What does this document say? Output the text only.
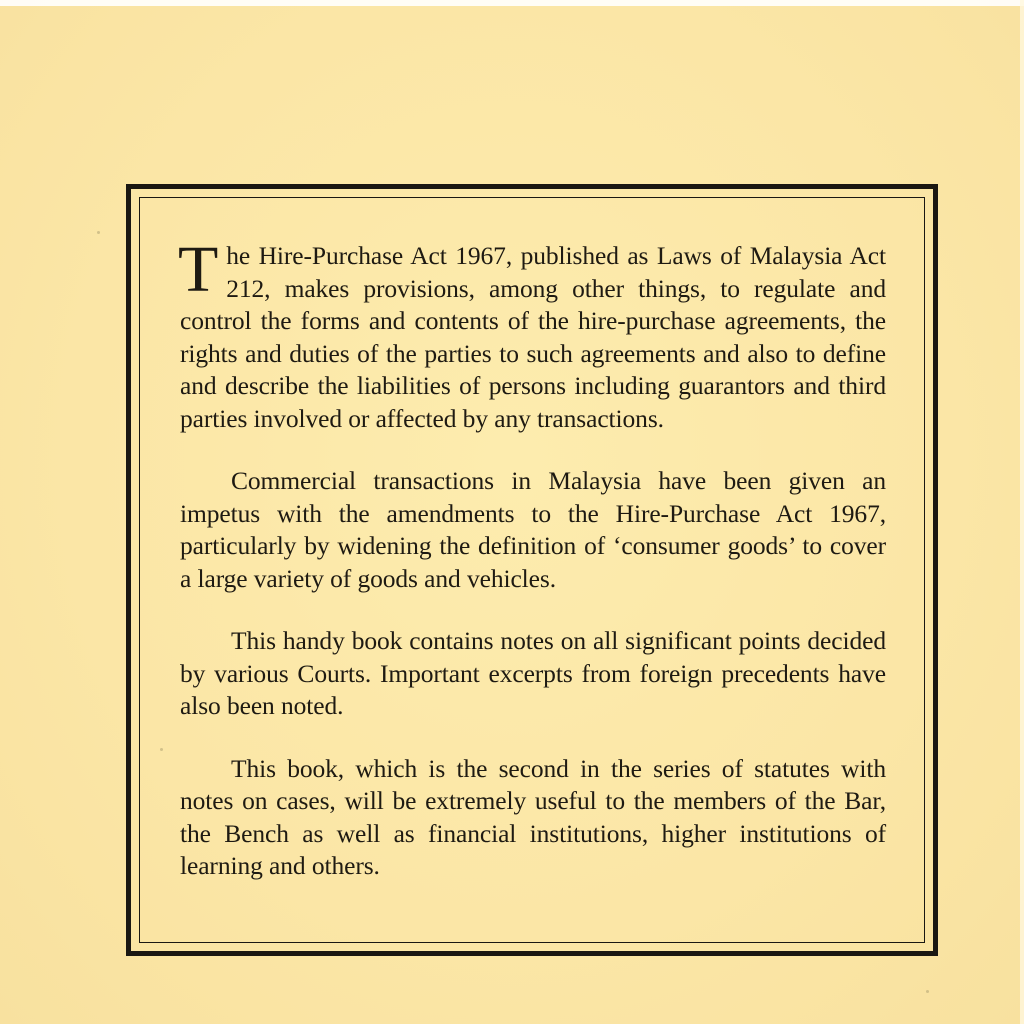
The Hire-Purchase Act 1967, published as Laws of Malaysia Act 212, makes provisions, among other things, to regulate and control the forms and contents of the hire-purchase agreements, the rights and duties of the parties to such agreements and also to define and describe the liabilities of persons including guarantors and third parties involved or affected by any transactions.

Commercial transactions in Malaysia have been given an impetus with the amendments to the Hire-Purchase Act 1967, particularly by widening the definition of ‘consumer goods’ to cover a large variety of goods and vehicles.

This handy book contains notes on all significant points decided by various Courts. Important excerpts from foreign precedents have also been noted.

This book, which is the second in the series of statutes with notes on cases, will be extremely useful to the members of the Bar, the Bench as well as financial institutions, higher institutions of learning and others.
